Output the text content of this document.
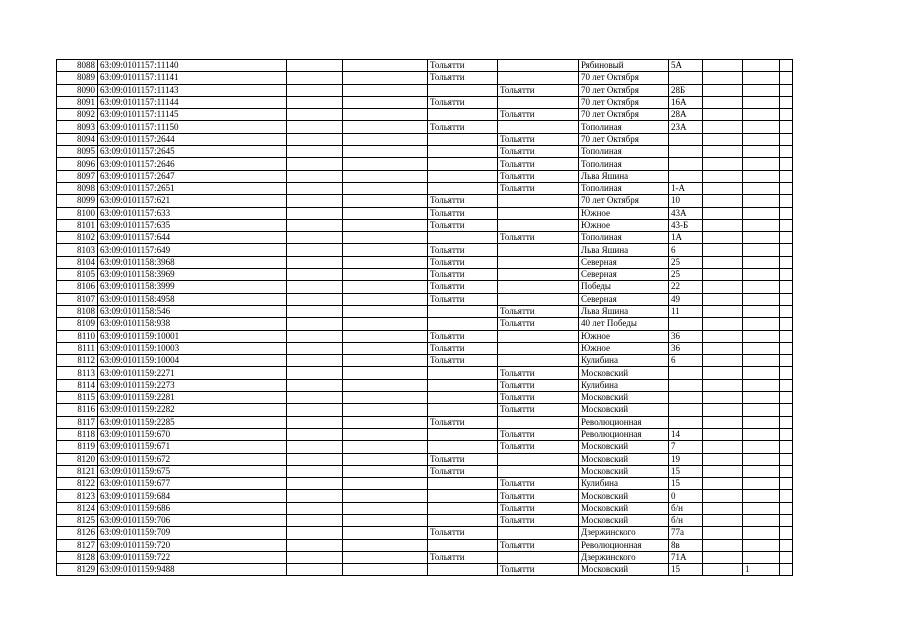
8088	63:09:0101157:11140			Тольятти		Рябиновый	5А			
8089	63:09:0101157:11141			Тольятти		70 лет Октября				
8090	63:09:0101157:11143				Тольятти	70 лет Октября	28Б			
8091	63:09:0101157:11144			Тольятти		70 лет Октября	16А			
8092	63:09:0101157:11145				Тольятти	70 лет Октября	28А			
8093	63:09:0101157:11150			Тольятти		Тополиная	23А			
8094	63:09:0101157:2644				Тольятти	70 лет Октября				
8095	63:09:0101157:2645				Тольятти	Тополиная				
8096	63:09:0101157:2646				Тольятти	Тополиная				
8097	63:09:0101157:2647				Тольятти	Льва Яшина				
8098	63:09:0101157:2651				Тольятти	Тополиная	1-А			
8099	63:09:0101157:621			Тольятти		70 лет Октября	10			
8100	63:09:0101157:633			Тольятти		Южное	43А			
8101	63:09:0101157:635			Тольятти		Южное	43-Б			
8102	63:09:0101157:644				Тольятти	Тополиная	1А			
8103	63:09:0101157:649			Тольятти		Льва Яшина	6			
8104	63:09:0101158:3968			Тольятти		Северная	25			
8105	63:09:0101158:3969			Тольятти		Северная	25			
8106	63:09:0101158:3999			Тольятти		Победы	22			
8107	63:09:0101158:4958			Тольятти		Северная	49			
8108	63:09:0101158:546				Тольятти	Льва Яшина	11			
8109	63:09:0101158:938				Тольятти	40 лет Победы				
8110	63:09:0101159:10001			Тольятти		Южное	36			
8111	63:09:0101159:10003			Тольятти		Южное	36			
8112	63:09:0101159:10004			Тольятти		Кулибина	6			
8113	63:09:0101159:2271				Тольятти	Московский				
8114	63:09:0101159:2273				Тольятти	Кулибина				
8115	63:09:0101159:2281				Тольятти	Московский				
8116	63:09:0101159:2282				Тольятти	Московский				
8117	63:09:0101159:2285			Тольятти		Революционная				
8118	63:09:0101159:670				Тольятти	Революционная	14			
8119	63:09:0101159:671				Тольятти	Московский	7			
8120	63:09:0101159:672			Тольятти		Московский	19			
8121	63:09:0101159:675			Тольятти		Московский	15			
8122	63:09:0101159:677				Тольятти	Кулибина	15			
8123	63:09:0101159:684				Тольятти	Московский	0			
8124	63:09:0101159:686				Тольятти	Московский	б/н			
8125	63:09:0101159:706				Тольятти	Московский	б/н			
8126	63:09:0101159:709			Тольятти		Дзержинского	77а			
8127	63:09:0101159:720				Тольятти	Революционная	8в			
8128	63:09:0101159:722			Тольятти		Дзержинского	71А			
8129	63:09:0101159:9488				Тольятти	Московский	15		1	
